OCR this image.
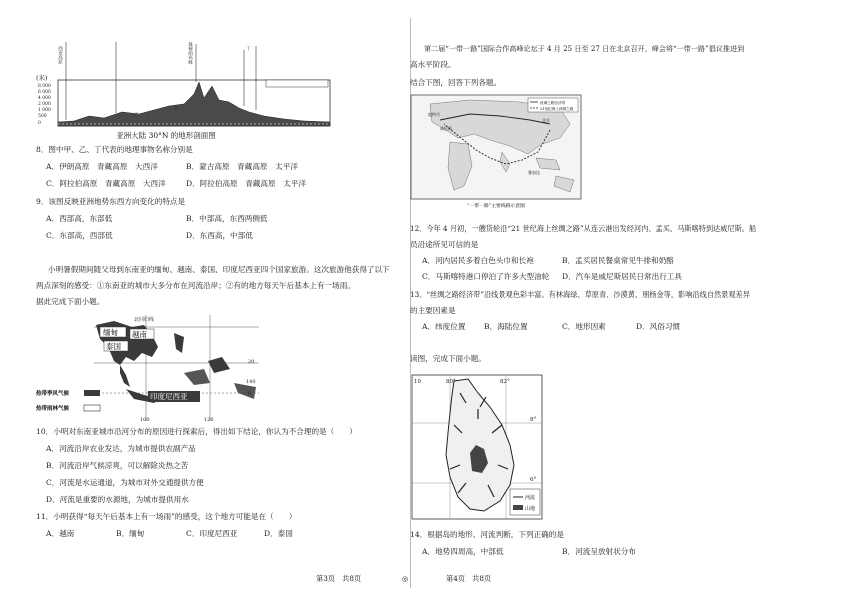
(米)
8 000
6 000
4 000
2 000
1 000
500
0
西亚高原	珠穆朗玛峰
乙
丙
丁
亚洲大陆 30°N 的地形剖面图
8．图中甲、乙、丁代表的地理事物名称分别是
A．伊朗高原　青藏高原　大西洋	B．蒙古高原　青藏高原　太平洋
C．阿拉伯高原　青藏高原　大西洋	D．阿拉伯高原　青藏高原　太平洋
9．该图反映亚洲地势东西方向变化的特点是
A．西部高，东部低	B．中部高，东西两侧低
C．东部高，西部低	D．东西高，中部低
小明暑假期间随父母到东南亚的缅甸、越南、泰国、印度尼西亚四个国家旅游。这次旅游他获得了以下
两点深刻的感受：①东南亚的城市大多分布在河流沿岸；②有的地方每天午后基本上有一场雨。
据此完成下面小题。
缅甸 越南
泰国
印度尼西亚
北回归线
100	120
140
0
20
热带季风气候
热带雨林气候
10．小明对东南亚城市沿河分布的原因进行探索后，得出如下结论，你认为不合理的是（　　）
A．河流沿岸农业发达，为城市提供农副产品
B．河流沿岸气候凉爽，可以解除炎热之苦
C．河流是水运通道，为城市对外交通提供方便
D．河流是重要的水源地，为城市提供用水
11．小明获得“每天午后基本上有一场雨”的感受，这个地方可能是在（　　）
A．越南	B．缅甸	C．印度尼西亚	D．泰国
第3页　共8页	◎
第二届“一带一路”国际合作高峰论坛于 4 月 25 日至 27 日在北京召开，峰会将“一带一路”倡议推进到
高水平阶段。
结合下图，回答下列各题。
丝绸之路经济带
21世纪海上丝绸之路
鹿特丹
威尼斯
北京
雅加达
“一带一路”主要线路示意图
12．今年 4 月初，一艘货轮沿“21 世纪海上丝绸之路”从连云港出发经河内、孟买、马斯喀特到达威尼斯。船
员沿途所见可信的是
A．河内居民多着白色头巾和长袍	B．孟买居民餐桌常见牛排和奶酪
C．马斯喀特港口停泊了许多大型油轮 D．汽车是威尼斯居民日常出行工具
13．“丝绸之路经济带”沿线景观色彩丰富。有林海绿、草原青、沙漠黄、朋杨金等，影响沿线自然景观差异
的主要因素是
A．纬度位置 B．海陆位置	C．地形因素	D．风俗习惯
读图，完成下面小题。
10	80°	82°
6°
8°
河流
山地
14．根据岛的地形、河流判断，下列正确的是
A．地势四周高，中部低	B．河流呈放射状分布
第4页　共8页
